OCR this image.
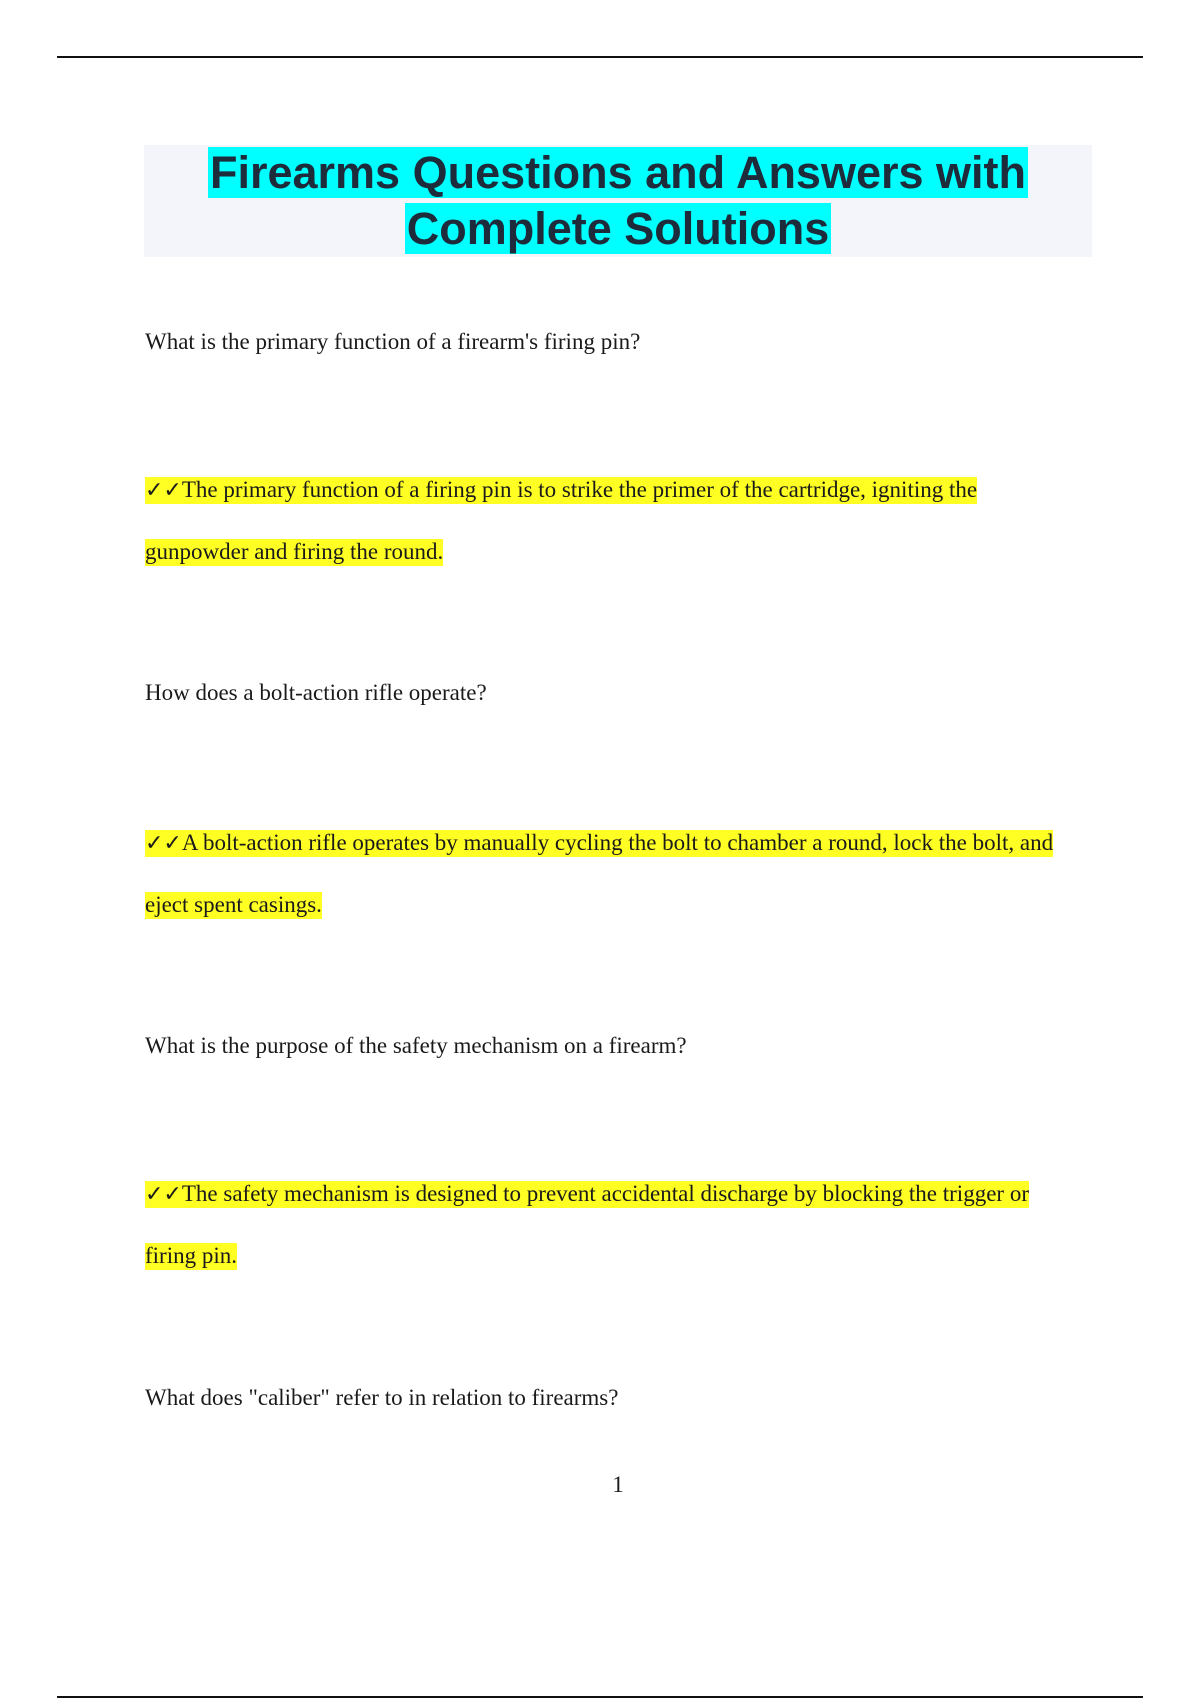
Firearms Questions and Answers with Complete Solutions
What is the primary function of a firearm's firing pin?
✓✓The primary function of a firing pin is to strike the primer of the cartridge, igniting the gunpowder and firing the round.
How does a bolt-action rifle operate?
✓✓A bolt-action rifle operates by manually cycling the bolt to chamber a round, lock the bolt, and eject spent casings.
What is the purpose of the safety mechanism on a firearm?
✓✓The safety mechanism is designed to prevent accidental discharge by blocking the trigger or firing pin.
What does "caliber" refer to in relation to firearms?
1
